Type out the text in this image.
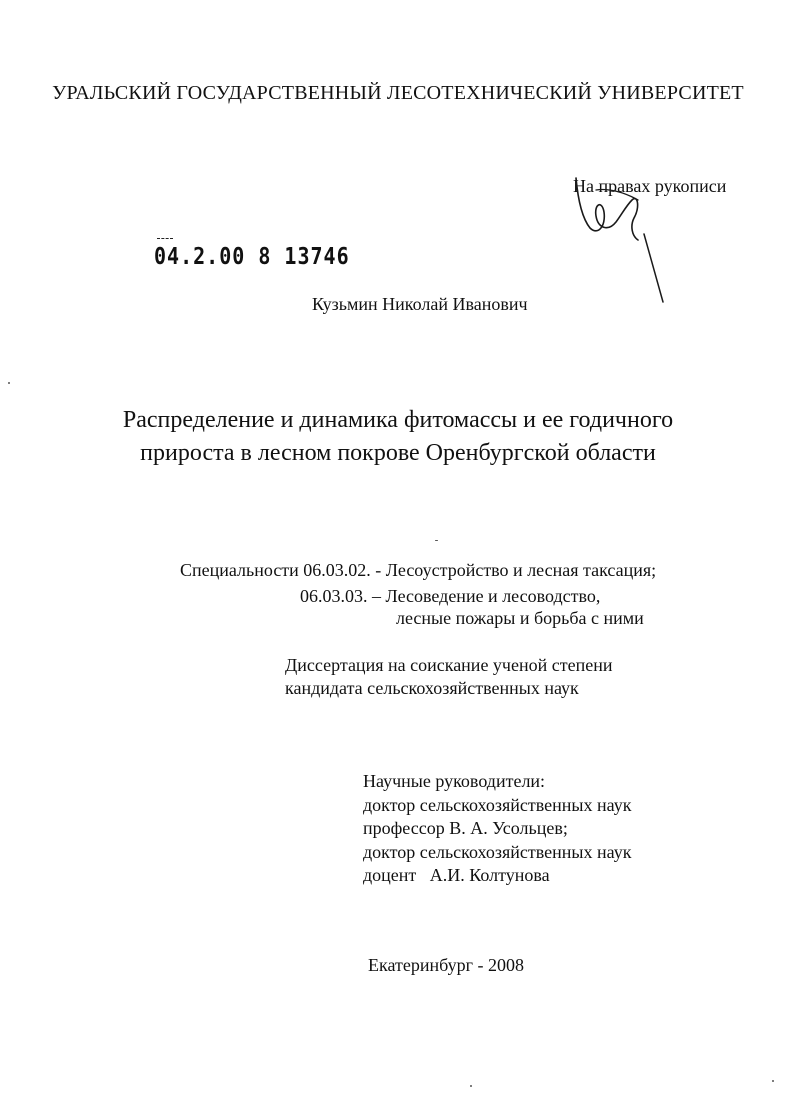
УРАЛЬСКИЙ ГОСУДАРСТВЕННЫЙ ЛЕСОТЕХНИЧЕСКИЙ УНИВЕРСИТЕТ
На правах рукописи
04.2.00 8 13746
Кузьмин Николай Иванович
Распределение и динамика фитомассы и ее годичного
прироста в лесном покрове Оренбургской области
Специальности 06.03.02. - Лесоустройство и лесная таксация;
06.03.03. – Лесоведение и лесоводство,
лесные пожары и борьба с ними
Диссертация на соискание ученой степени
кандидата сельскохозяйственных наук
Научные руководители:
доктор сельскохозяйственных наук
профессор В. А. Усольцев;
доктор сельскохозяйственных наук
доцент   А.И. Колтунова
Екатеринбург - 2008
